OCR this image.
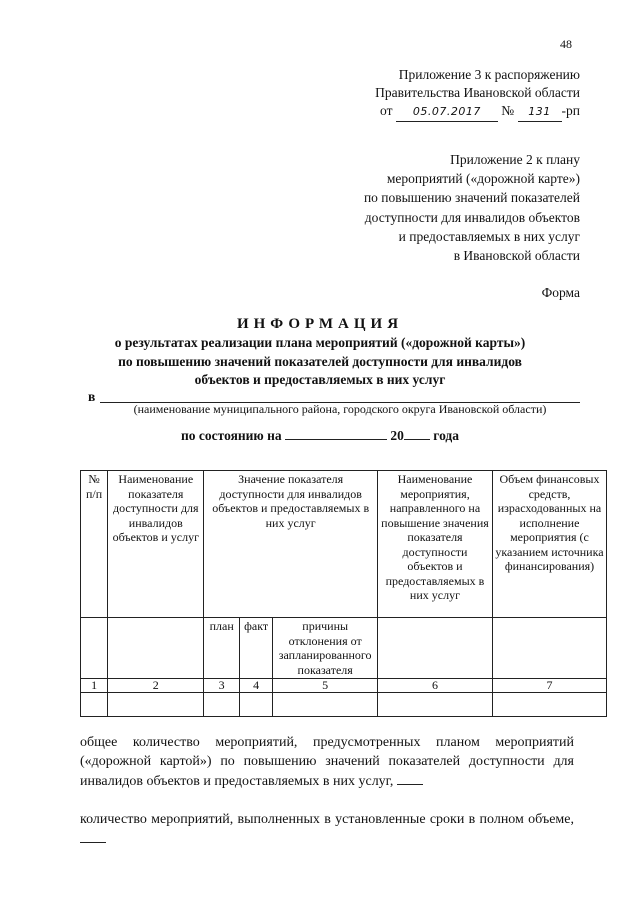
48
Приложение 3 к распоряжению
Правительства Ивановской области
от 05.07.2017 № 131 -рп
Приложение 2 к плану
мероприятий («дорожной карте»)
по повышению значений показателей
доступности для инвалидов объектов
и предоставляемых в них услуг
в Ивановской области
Форма
ИНФОРМАЦИЯ
о результатах реализации плана мероприятий («дорожной карты»)
по повышению значений показателей доступности для инвалидов
объектов и предоставляемых в них услуг
в
(наименование муниципального района, городского округа Ивановской области)
по состоянию на	20 года
№ п/п	Наименование показателя доступности для инвалидов объектов и услуг	Значение показателя доступности для инвалидов объектов и предоставляемых в них услуг			Наименование мероприятия, направленного на повышение значения показателя доступности объектов и предоставляемых в них услуг	Объем финансовых средств, израсходованных на исполнение мероприятия (с указанием источника финансирования)
		план	факт	причины отклонения от запланированного показателя		
1	2	3	4	5	6	7

общее количество мероприятий, предусмотренных планом мероприятий («дорожной картой») по повышению значений показателей доступности для инвалидов объектов и предоставляемых в них услуг,
количество мероприятий, выполненных в установленные сроки в полном объеме,
